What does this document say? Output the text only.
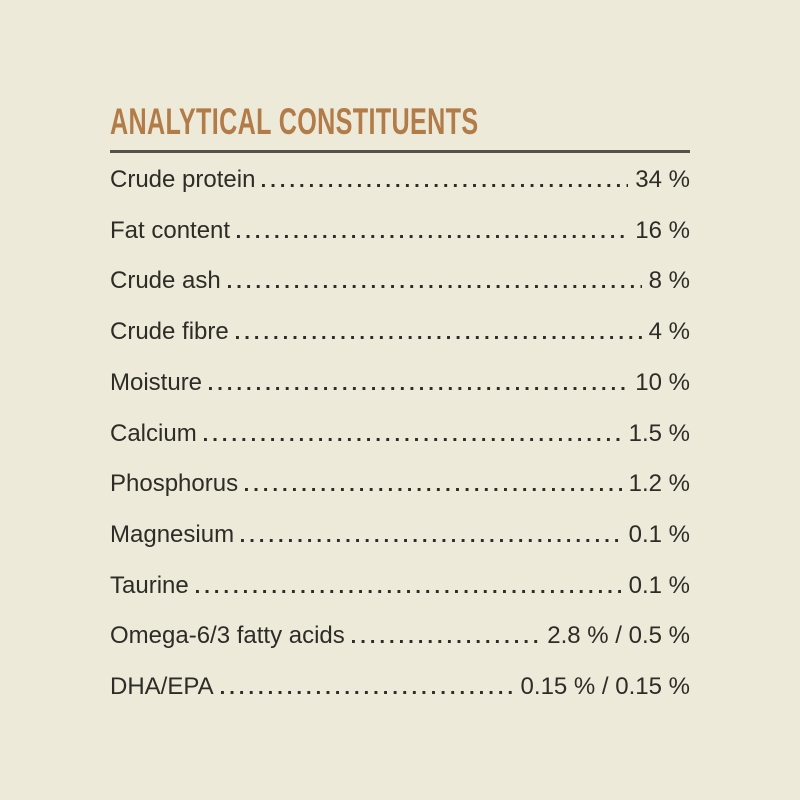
ANALYTICAL CONSTITUENTS
Crude protein	34 %
Fat content	16 %
Crude ash	8 %
Crude fibre	4 %
Moisture	10 %
Calcium	1.5 %
Phosphorus	1.2 %
Magnesium	0.1 %
Taurine	0.1 %
Omega-6/3 fatty acids	2.8 % / 0.5 %
DHA/EPA	0.15 % / 0.15 %
